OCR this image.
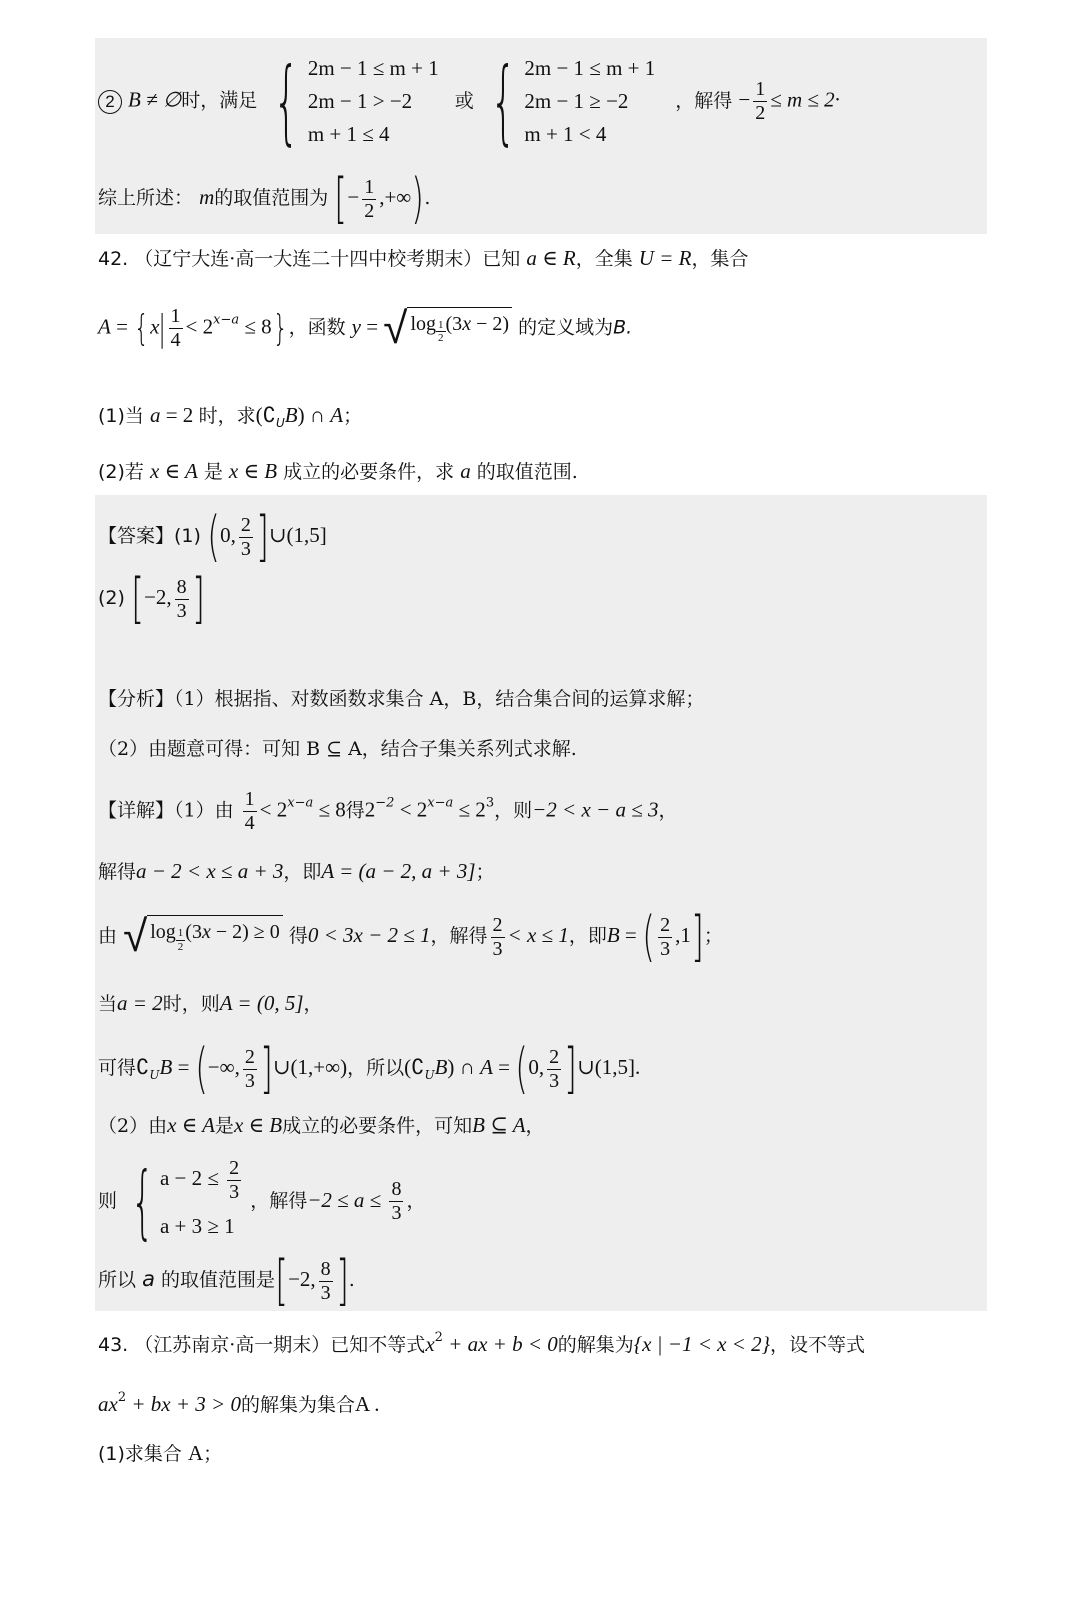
2 B ≠ ∅时，满足 { 2m − 1 ≤ m + 1
2m − 1 > −2
m + 1 ≤ 4
或 { 2m − 1 ≤ m + 1
2m − 1 ≥ −2
m + 1 < 4
，解得 − $\frac{1}{2} \le m \le 2\cdot$
综上所述： m的取值范围为 [− $\frac{1}{2}$ ,+∞).
42. （辽宁大连·高一大连二十四中校考期末）已知 a ∈ R，全集 U = R，集合
$A = \{x| \frac{1}{4} < 2^{x-a} \le 8\}$，函数 y = √ log $_{\frac{1}{2}}$ (3x − 2) 的定义域为B.
(1)当 a = 2 时，求$(∁_UB)$ ∩ A；
(2)若 x ∈ A 是 x ∈ B 成立的必要条件，求 a 的取值范围.
【答案】(1) (0, $\frac{2}{3}$ ]∪(1,5]
(2) [−2, $\frac{8}{3}$ ]
【分析】（1）根据指、对数函数求集合 A，B，结合集合间的运算求解；
（2）由题意可得：可知 B ⊆ A，结合子集关系列式求解.
【详解】（1）由 $\frac{1}{4} < 2^{x-a} \le 8$得$2^{-2} < 2^{x-a} \le 2^3$，则−2 < x − a ≤ 3，
解得a − 2 < x ≤ a + 3，即A = (a − 2, a + 3]；
由 √ log $_{\frac{1}{2}}$ (3x − 2) ≥ 0 得0 < 3x − 2 ≤ 1，解得 $\frac{2}{3} < x \le 1$，即B = ( $\frac{2}{3} ,1$]；
当a = 2时，则A = (0, 5]，
可得$∁_UB$ = (−∞, $\frac{2}{3}$ ]∪(1,+∞)，所以$(∁_UB)$ ∩ A = (0, $\frac{2}{3}$ ]∪(1,5].
（2）由x ∈ A是x ∈ B成立的必要条件，可知B ⊆ A，
则 { $a - 2 \le \frac{2}{3}$
a + 3 ≥ 1
，解得$-2 \le a \le \frac{8}{3}$ ，
所以 a 的取值范围是[−2, $\frac{8}{3}$ ].
43. （江苏南京·高一期末）已知不等式$x^2$ + ax + b < 0的解集为{x | −1 < x < 2}，设不等式
$ax^2$ + bx + 3 > 0的解集为集合A .
(1)求集合 A；
